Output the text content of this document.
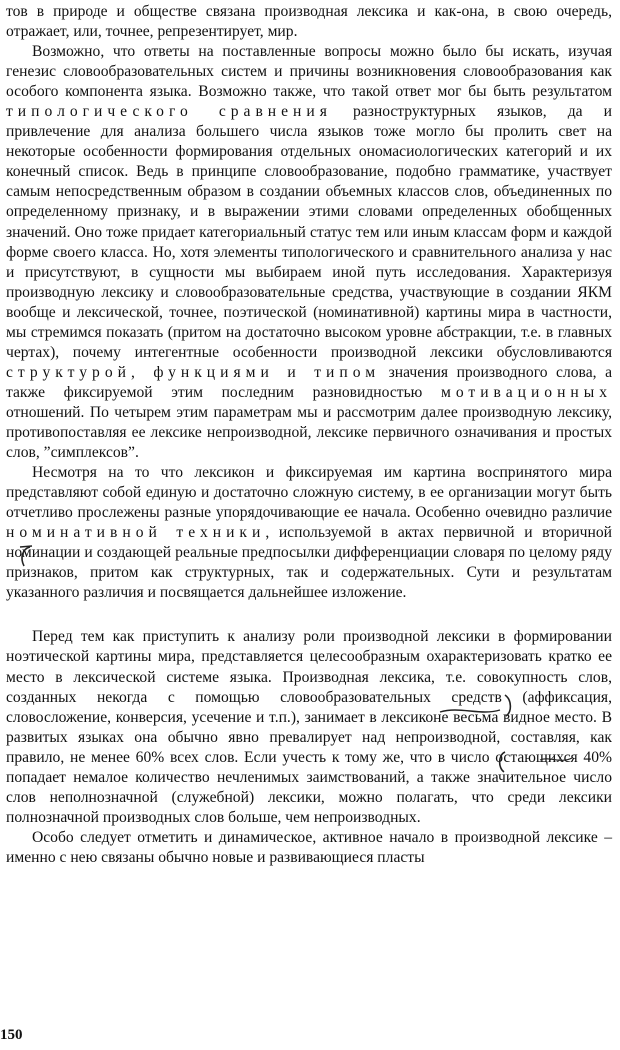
тов в природе и обществе связана производная лексика и как-она, в свою очередь, отражает, или, точнее, репрезентирует, мир.

Возможно, что ответы на поставленные вопросы можно было бы искать, изучая генезис словообразовательных систем и причины возникновения словообразования как особого компонента языка. Возможно также, что такой ответ мог бы быть результатом типологического сравнения разноструктурных языков, да и привлечение для анализа большего числа языков тоже могло бы пролить свет на некоторые особенности формирования отдельных ономасиологических категорий и их конечный список. Ведь в принципе словообразование, подобно грамматике, участвует самым непосредственным образом в создании объемных классов слов, объединенных по определенному признаку, и в выражении этими словами определенных обобщенных значений. Оно тоже придает категориальный статус тем или иным классам форм и каждой форме своего класса. Но, хотя элементы типологического и сравнительного анализа у нас и присутствуют, в сущности мы выбираем иной путь исследования. Характеризуя производную лексику и словообразовательные средства, участвующие в создании ЯКМ вообще и лексической, точнее, поэтической (номинативной) картины мира в частности, мы стремимся показать (притом на достаточно высоком уровне абстракции, т.е. в главных чертах), почему интегентные особенности производной лексики обусловливаются структурой, функциями и типом значения производного слова, а также фиксируемой этим последним разновидностью мотивационных отношений. По четырем этим параметрам мы и рассмотрим далее производную лексику, противопоставляя ее лексике непроизводной, лексике первичного означивания и простых слов, ”симплексов”.

Несмотря на то что лексикон и фиксируемая им картина воспринятого мира представляют собой единую и достаточно сложную систему, в ее организации могут быть отчетливо прослежены разные упорядочивающие ее начала. Особенно очевидно различие номинативной техники, используемой в актах первичной и вторичной номинации и создающей реальные предпосылки дифференциации словаря по целому ряду признаков, притом как структурных, так и содержательных. Сути и результатам указанного различия и посвящается дальнейшее изложение.

Перед тем как приступить к анализу роли производной лексики в формировании ноэтической картины мира, представляется целесообразным охарактеризовать кратко ее место в лексической системе языка. Производная лексика, т.е. совокупность слов, созданных некогда с помощью словообразовательных средств (аффиксация, словосложение, конверсия, усечение и т.п.), занимает в лексиконе весьма видное место. В развитых языках она обычно явно превалирует над непроизводной, составляя, как правило, не менее 60% всех слов. Если учесть к тому же, что в число остающихся 40% попадает немалое количество нечленимых заимствований, а также значительное число слов неполнозначной (служебной) лексики, можно полагать, что среди лексики полнозначной производных слов больше, чем непроизводных.

Особо следует отметить и динамическое, активное начало в производной лексике – именно с нею связаны обычно новые и развивающиеся пласты

150
